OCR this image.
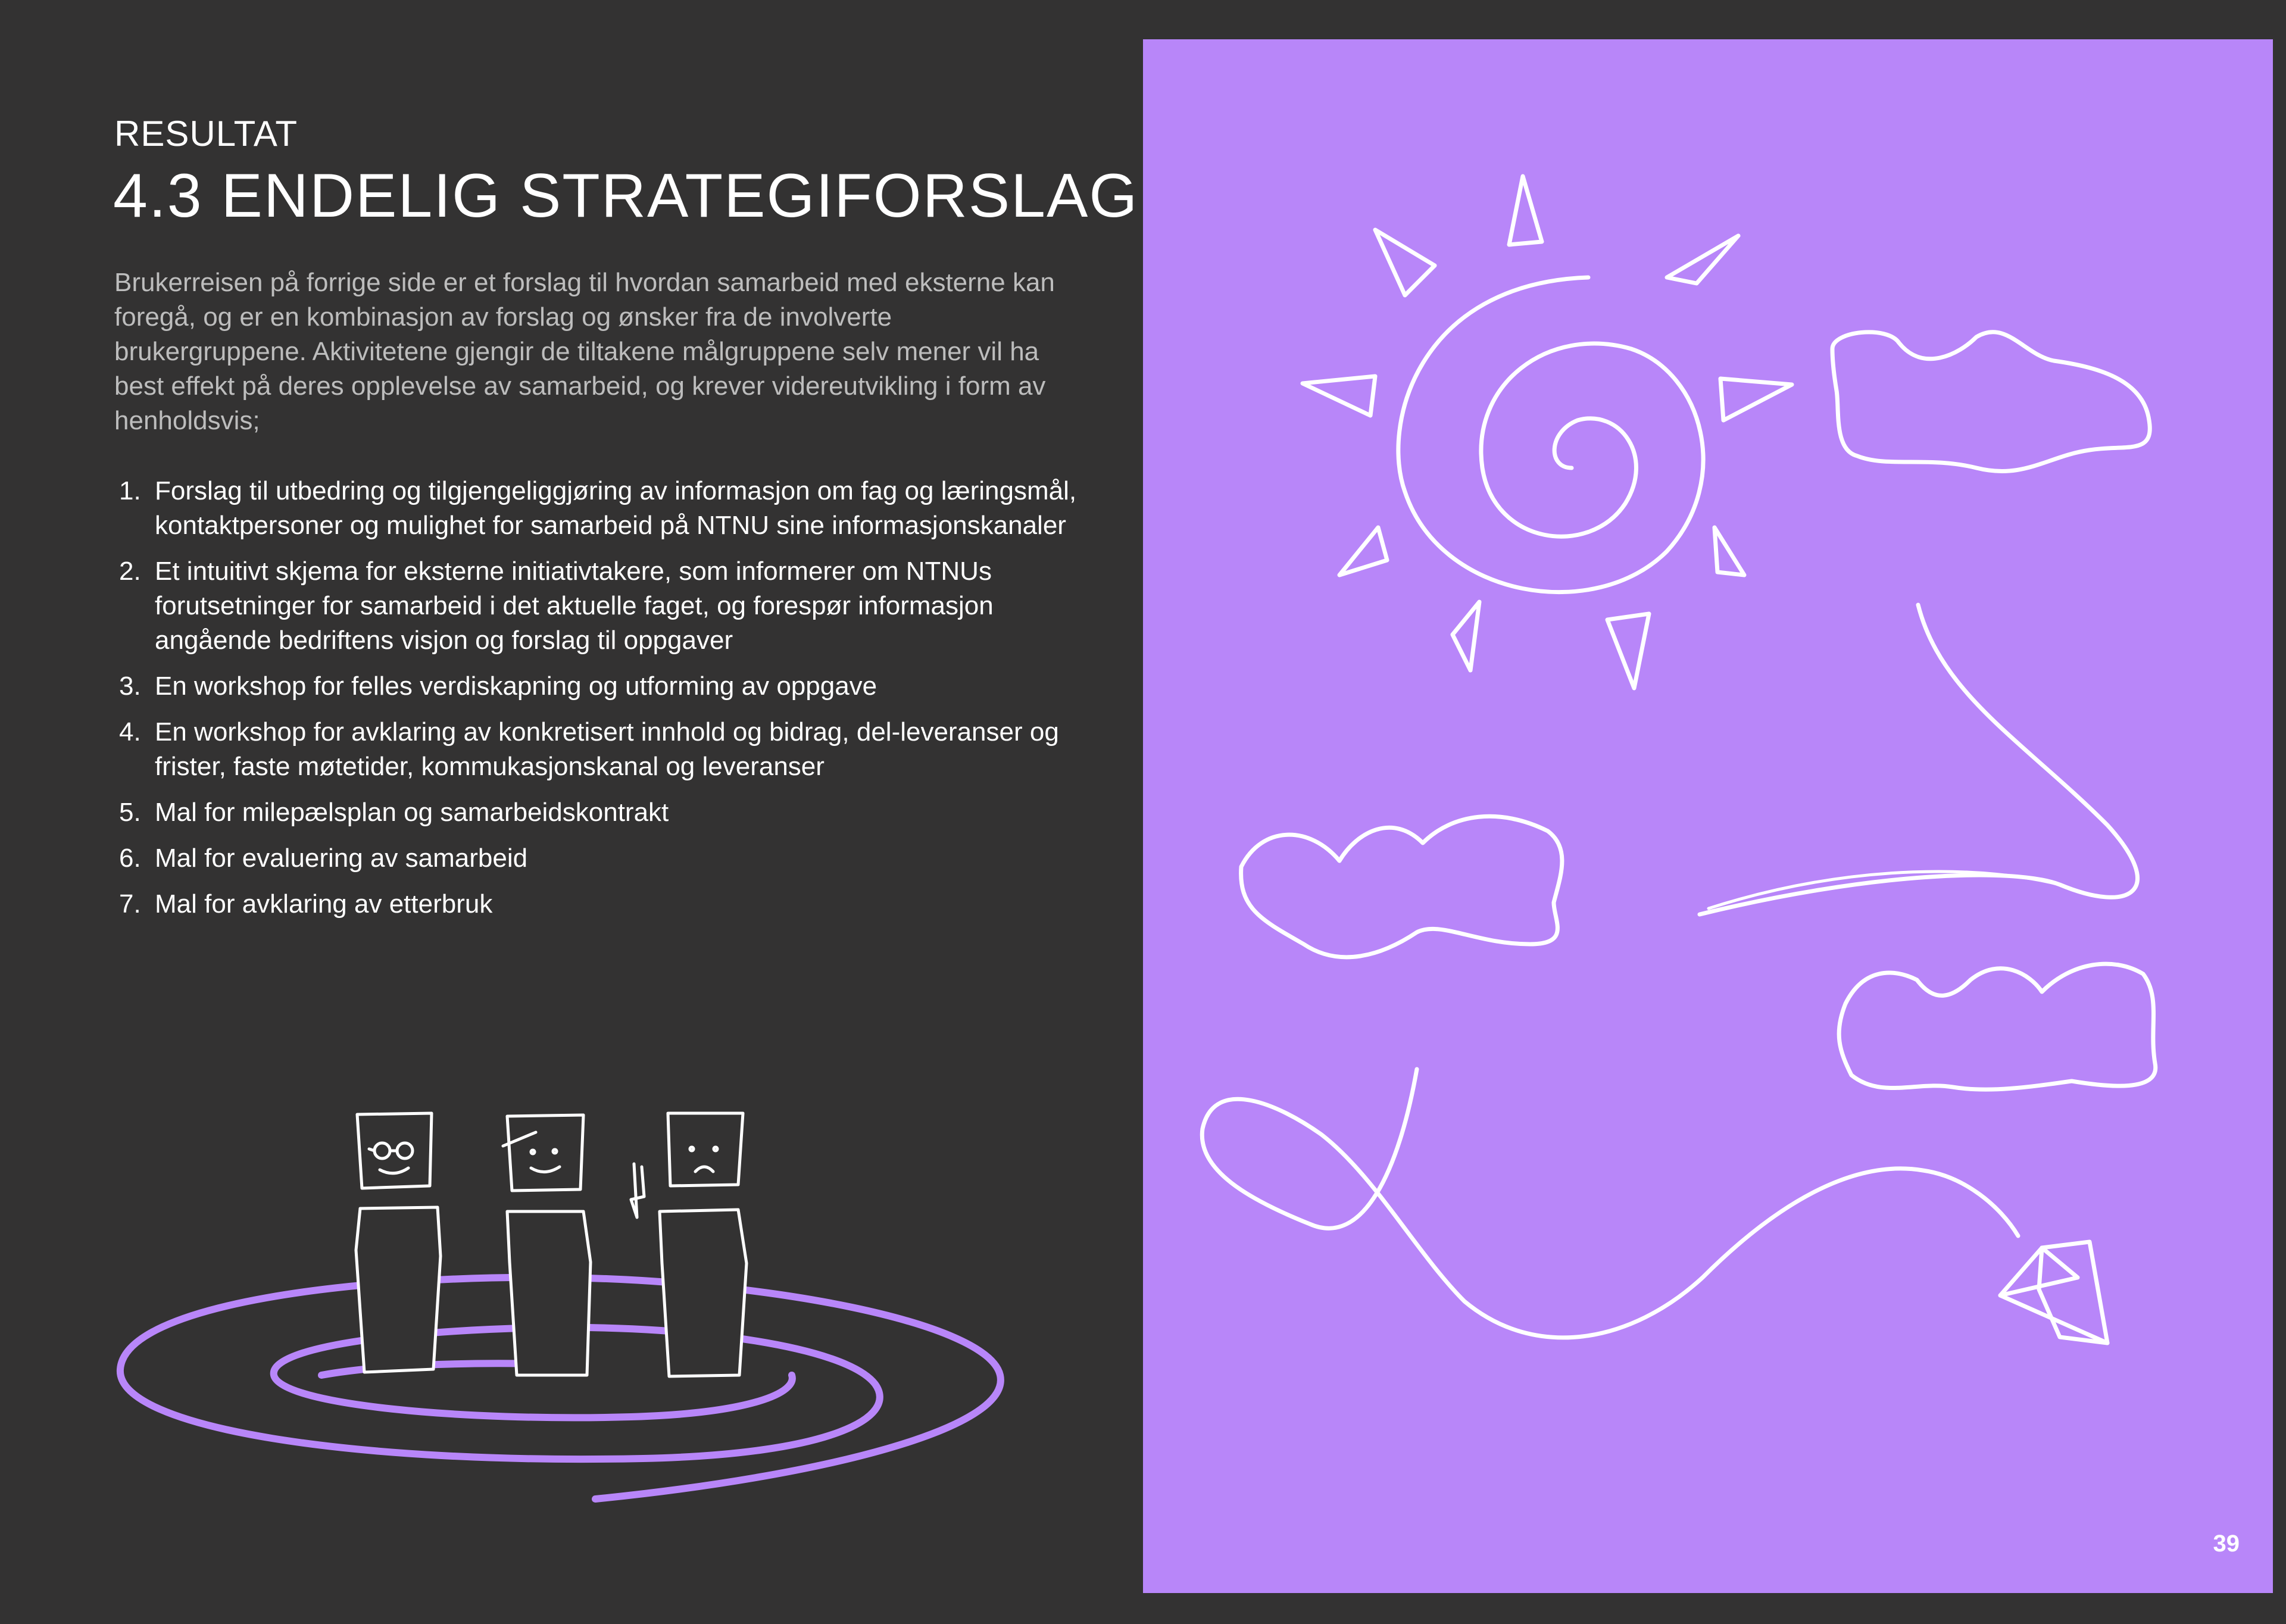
RESULTAT
4.3 ENDELIG STRATEGIFORSLAG
Brukerreisen på forrige side er et forslag til hvordan samarbeid med eksterne kan foregå, og er en kombinasjon av forslag og ønsker fra de involverte brukergruppene. Aktivitetene gjengir de tiltakene målgruppene selv mener vil ha best effekt på deres opplevelse av samarbeid, og krever videreutvikling i form av henholdsvis;
1. Forslag til utbedring og tilgjengeliggjøring av informasjon om fag og læringsmål, kontaktpersoner og mulighet for samarbeid på NTNU sine informasjonskanaler
2. Et intuitivt skjema for eksterne initiativtakere, som informerer om NTNUs forutsetninger for samarbeid i det aktuelle faget, og forespør informasjon angående bedriftens visjon og forslag til oppgaver
3. En workshop for felles verdiskapning og utforming av oppgave
4. En workshop for avklaring av konkretisert innhold og bidrag, del-leveranser og frister, faste møtetider, kommukasjonskanal og leveranser
5. Mal for milepælsplan og samarbeidskontrakt
6. Mal for evaluering av samarbeid
7. Mal for avklaring av etterbruk
39
